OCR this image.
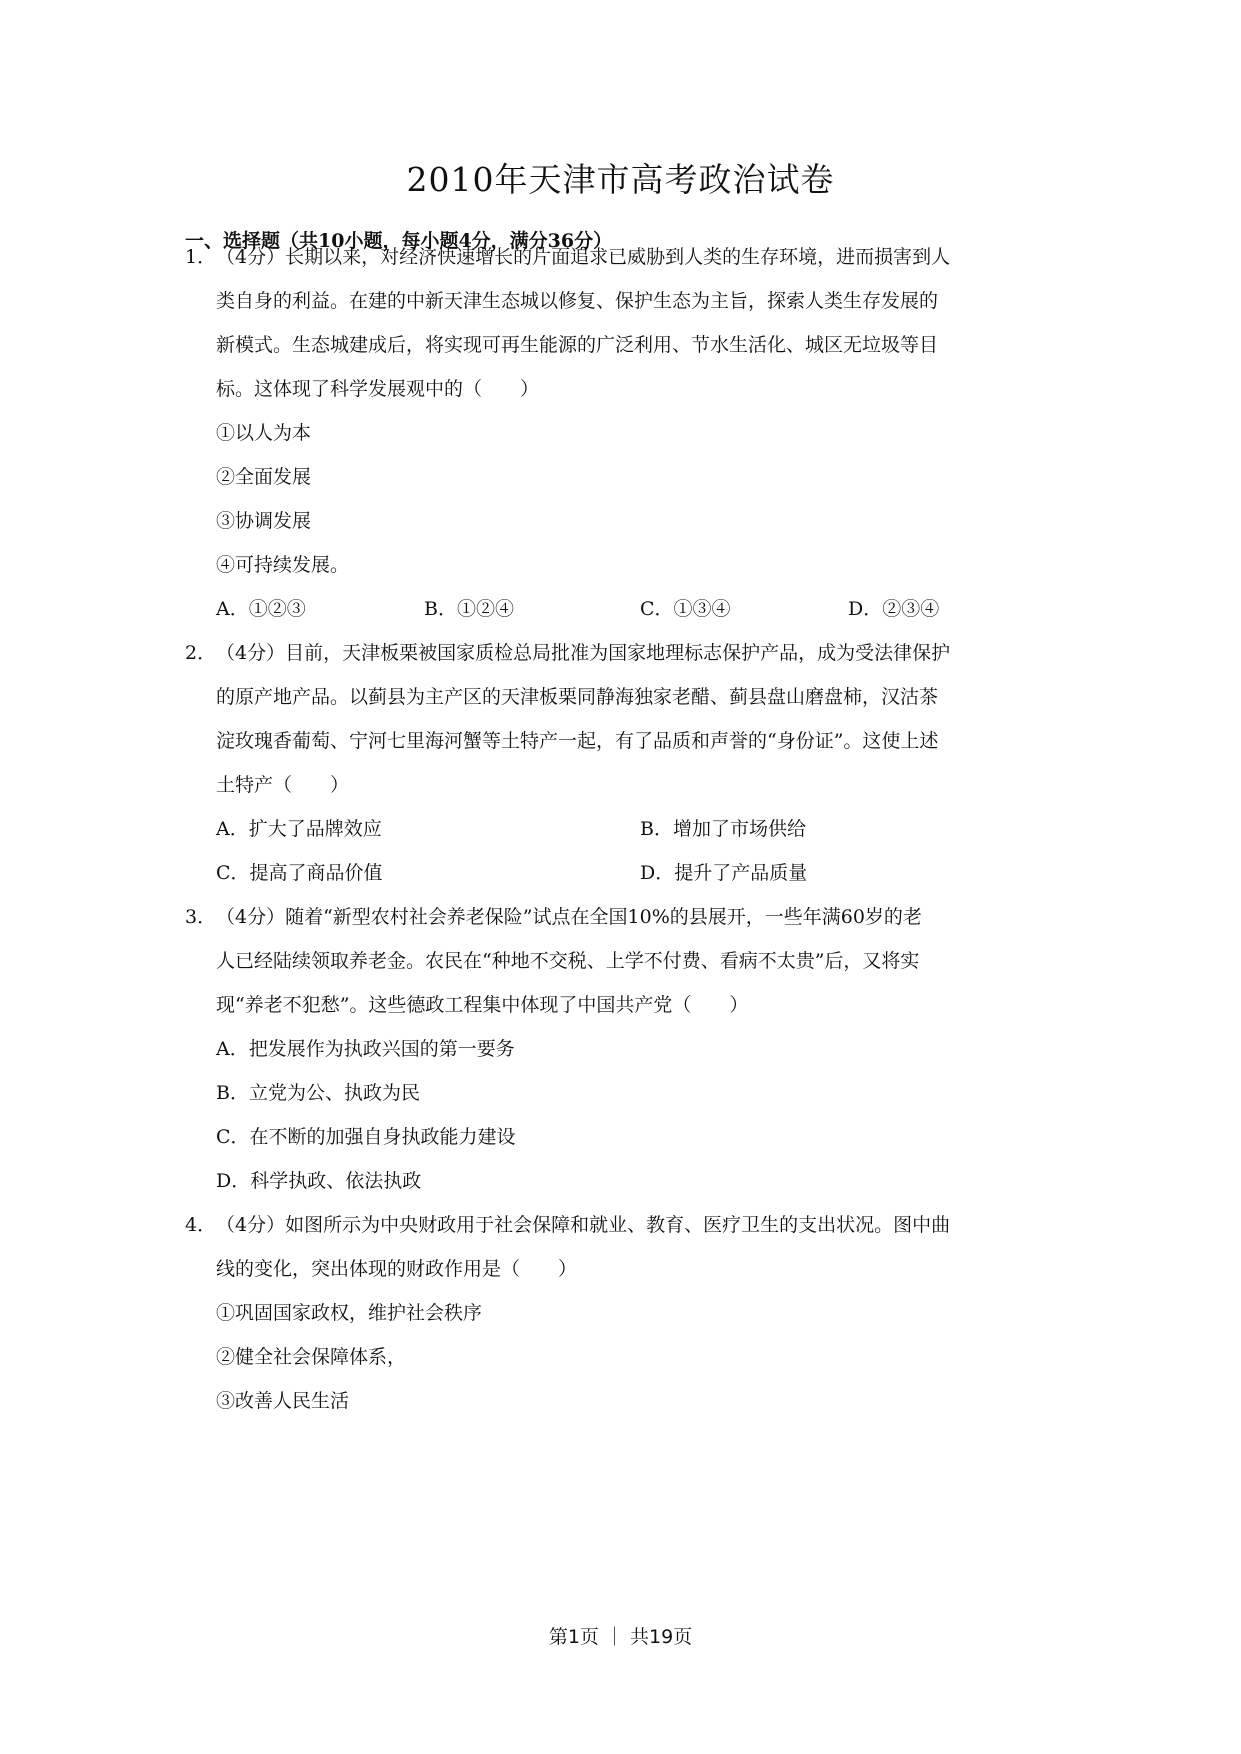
2010年天津市高考政治试卷
一、选择题（共10小题，每小题4分，满分36分）
1． （4分）长期以来，对经济快速增长的片面追求已威胁到人类的生存环境，进而损害到人
类自身的利益。在建的中新天津生态城以修复、保护生态为主旨，探索人类生存发展的
新模式。生态城建成后，将实现可再生能源的广泛利用、节水生活化、城区无垃圾等目
标。这体现了科学发展观中的（　　）
①以人为本
②全面发展
③协调发展
④可持续发展。
A．①②③	B．①②④	C．①③④	D．②③④
2． （4分）目前，天津板栗被国家质检总局批准为国家地理标志保护产品，成为受法律保护
的原产地产品。以蓟县为主产区的天津板栗同静海独家老醋、蓟县盘山磨盘柿，汉沽茶
淀玫瑰香葡萄、宁河七里海河蟹等土特产一起，有了品质和声誉的“身份证”。这使上述
土特产（　　）
A．扩大了品牌效应	B．增加了市场供给
C．提高了商品价值	D．提升了产品质量
3． （4分）随着“新型农村社会养老保险”试点在全国10%的县展开，一些年满60岁的老
人已经陆续领取养老金。农民在“种地不交税、上学不付费、看病不太贵”后，又将实
现“养老不犯愁”。这些德政工程集中体现了中国共产党（　　）
A．把发展作为执政兴国的第一要务
B．立党为公、执政为民
C．在不断的加强自身执政能力建设
D．科学执政、依法执政
4． （4分）如图所示为中央财政用于社会保障和就业、教育、医疗卫生的支出状况。图中曲
线的变化，突出体现的财政作用是（　　）
①巩固国家政权，维护社会秩序
②健全社会保障体系，
③改善人民生活
第1页 ｜ 共19页
